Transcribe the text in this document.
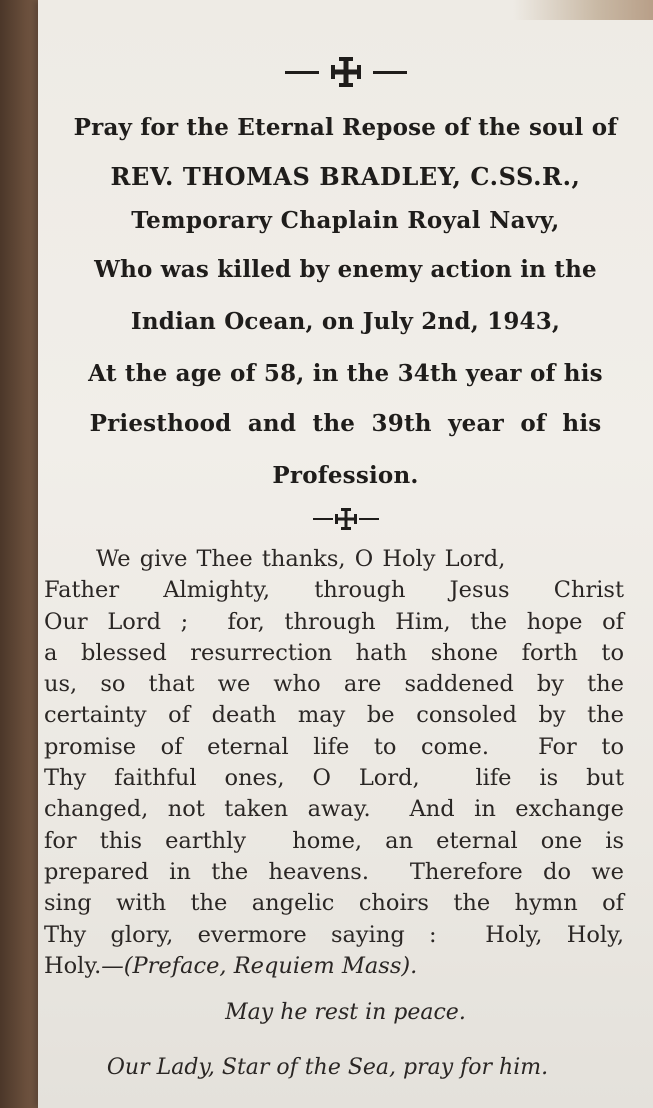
Pray for the Eternal Repose of the soul of
REV. THOMAS BRADLEY, C.SS.R.,
Temporary Chaplain Royal Navy,
Who was killed by enemy action in the
Indian Ocean, on July 2nd, 1943,
At the age of 58, in the 34th year of his
Priesthood  and  the  39th  year  of  his
Profession.
We give Thee thanks, O Holy Lord,
Father Almighty, through Jesus Christ
Our Lord ;  for, through Him, the hope of
a blessed resurrection hath shone forth to
us, so that we who are saddened by the
certainty of death may be consoled by the
promise of eternal life to come.  For to
Thy faithful ones, O Lord,  life is but
changed, not taken away.  And in exchange
for this earthly  home, an eternal one is
prepared in the heavens.  Therefore do we
sing with the angelic choirs the hymn of
Thy glory, evermore saying :  Holy, Holy,
Holy.—(Preface, Requiem Mass).
May he rest in peace.
Our Lady, Star of the Sea, pray for him.
